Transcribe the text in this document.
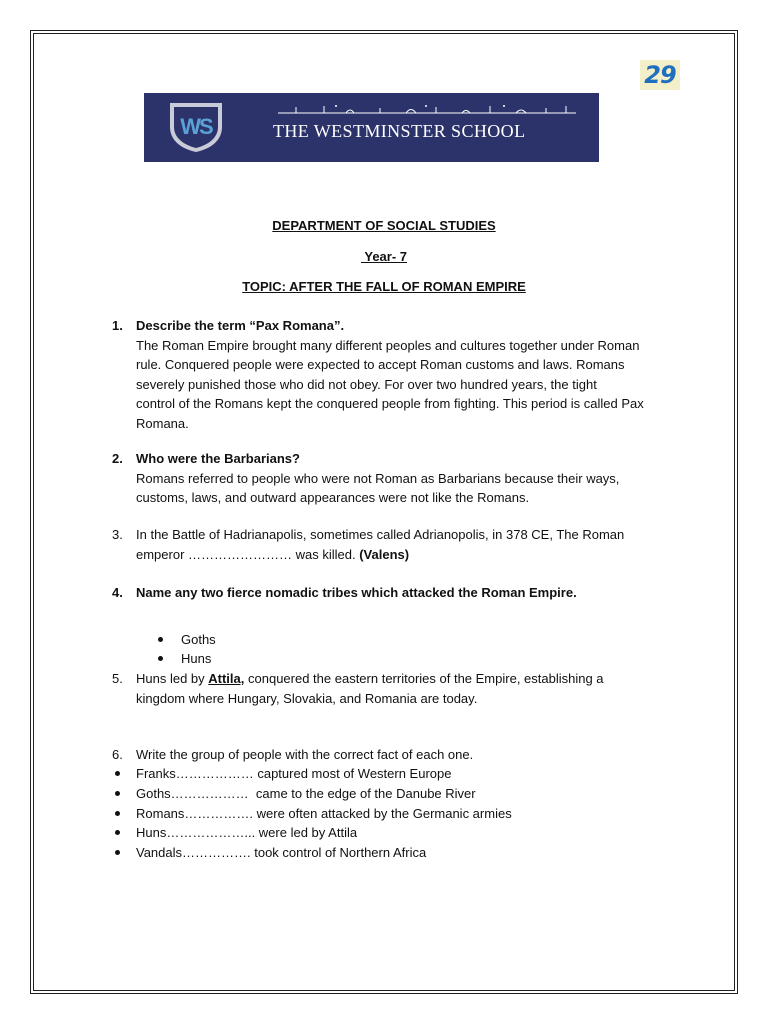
29
WS	THE WESTMINSTER SCHOOL
DEPARTMENT OF SOCIAL STUDIES
Year- 7
TOPIC: AFTER THE FALL OF ROMAN EMPIRE
1. Describe the term “Pax Romana”.
The Roman Empire brought many different peoples and cultures together under Roman
rule. Conquered people were expected to accept Roman customs and laws. Romans
severely punished those who did not obey. For over two hundred years, the tight
control of the Romans kept the conquered people from fighting. This period is called Pax
Romana.
2. Who were the Barbarians?
Romans referred to people who were not Roman as Barbarians because their ways,
customs, laws, and outward appearances were not like the Romans.
3. In the Battle of Hadrianapolis, sometimes called Adrianopolis, in 378 CE, The Roman
emperor …………………… was killed. (Valens)
4. Name any two fierce nomadic tribes which attacked the Roman Empire.
Goths
Huns
5. Huns led by Attila, conquered the eastern territories of the Empire, establishing a
kingdom where Hungary, Slovakia, and Romania are today.
6. Write the group of people with the correct fact of each one.
Franks……………… captured most of Western Europe
Goths………………  came to the edge of the Danube River
Romans……………. were often attacked by the Germanic armies
Huns………………... were led by Attila
Vandals……………. took control of Northern Africa
